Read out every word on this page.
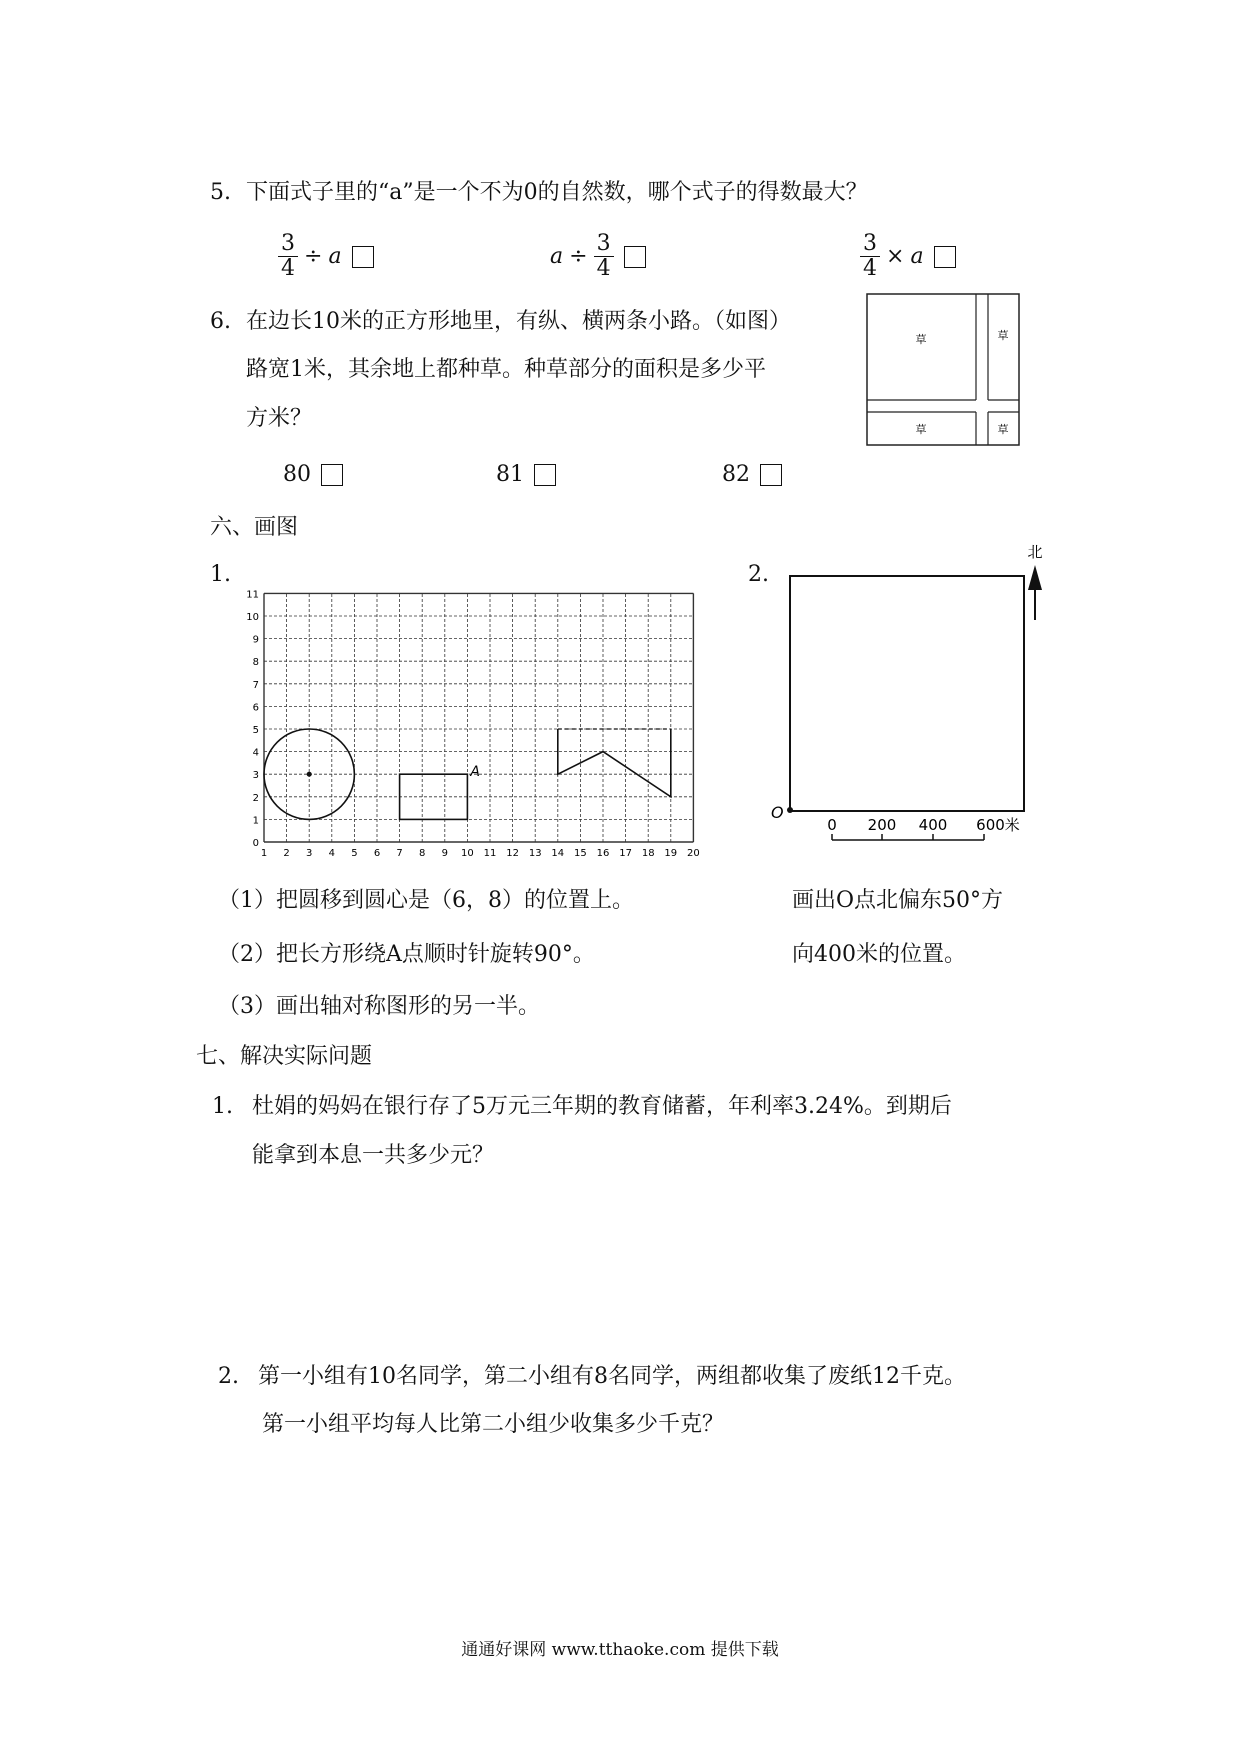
5. 下面式子里的“a”是一个不为0的自然数，哪个式子的得数最大？
$\frac{3}{4} \div a$	$a \div \frac{3}{4}$	$\frac{3}{4} \times a$
6. 在边长10米的正方形地里，有纵、横两条小路。（如图）
路宽1米，其余地上都种草。种草部分的面积是多少平
方米？
草	草
草	草
80	81	82
六、画图
1.	2.
0
1
2
3
4
5
6
7
8
9
10
11
1 2 3 4 5 6 7 8 9 10 11 12 13 14 15 16 17 18 19 20
A
O
北
0 200 400 600米
（1）把圆移到圆心是（6，8）的位置上。
（2）把长方形绕A点顺时针旋转90°。
（3）画出轴对称图形的另一半。
画出O点北偏东50°方
向400米的位置。
七、解决实际问题
1. 杜娟的妈妈在银行存了5万元三年期的教育储蓄，年利率3.24%。到期后
能拿到本息一共多少元？
2. 第一小组有10名同学，第二小组有8名同学，两组都收集了废纸12千克。
第一小组平均每人比第二小组少收集多少千克？
通通好课网 www.tthaoke.com 提供下载
